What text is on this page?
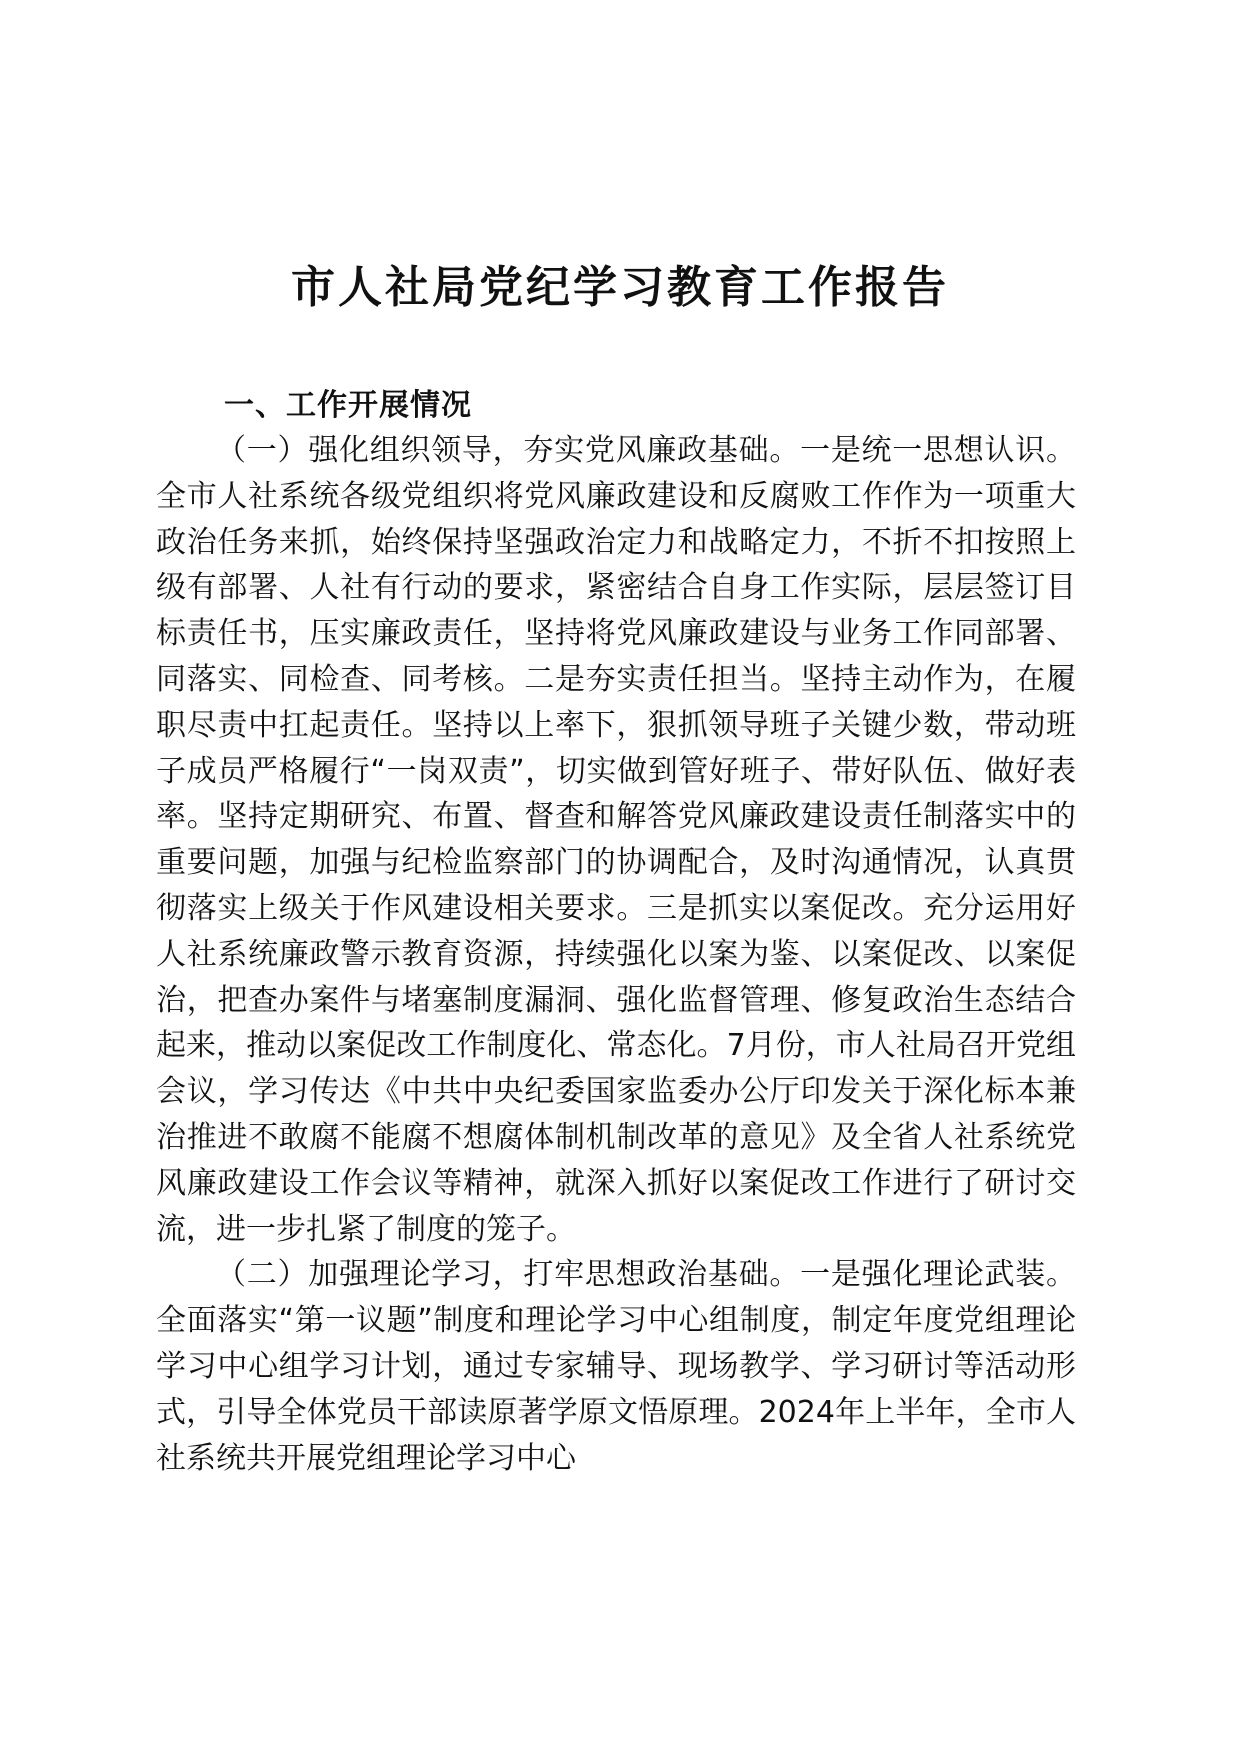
市人社局党纪学习教育工作报告
一、工作开展情况

（一）强化组织领导，夯实党风廉政基础。一是统一思想认识。全市人社系统各级党组织将党风廉政建设和反腐败工作作为一项重大政治任务来抓，始终保持坚强政治定力和战略定力，不折不扣按照上级有部署、人社有行动的要求，紧密结合自身工作实际，层层签订目标责任书，压实廉政责任，坚持将党风廉政建设与业务工作同部署、同落实、同检查、同考核。二是夯实责任担当。坚持主动作为，在履职尽责中扛起责任。坚持以上率下，狠抓领导班子关键少数，带动班子成员严格履行“一岗双责”，切实做到管好班子、带好队伍、做好表率。坚持定期研究、布置、督查和解答党风廉政建设责任制落实中的重要问题，加强与纪检监察部门的协调配合，及时沟通情况，认真贯彻落实上级关于作风建设相关要求。三是抓实以案促改。充分运用好人社系统廉政警示教育资源，持续强化以案为鉴、以案促改、以案促治，把查办案件与堵塞制度漏洞、强化监督管理、修复政治生态结合起来，推动以案促改工作制度化、常态化。7月份，市人社局召开党组会议，学习传达《中共中央纪委国家监委办公厅印发关于深化标本兼治推进不敢腐不能腐不想腐体制机制改革的意见》及全省人社系统党风廉政建设工作会议等精神，就深入抓好以案促改工作进行了研讨交流，进一步扎紧了制度的笼子。

（二）加强理论学习，打牢思想政治基础。一是强化理论武装。全面落实“第一议题”制度和理论学习中心组制度，制定年度党组理论学习中心组学习计划，通过专家辅导、现场教学、学习研讨等活动形式，引导全体党员干部读原著学原文悟原理。2024年上半年，全市人社系统共开展党组理论学习中心
